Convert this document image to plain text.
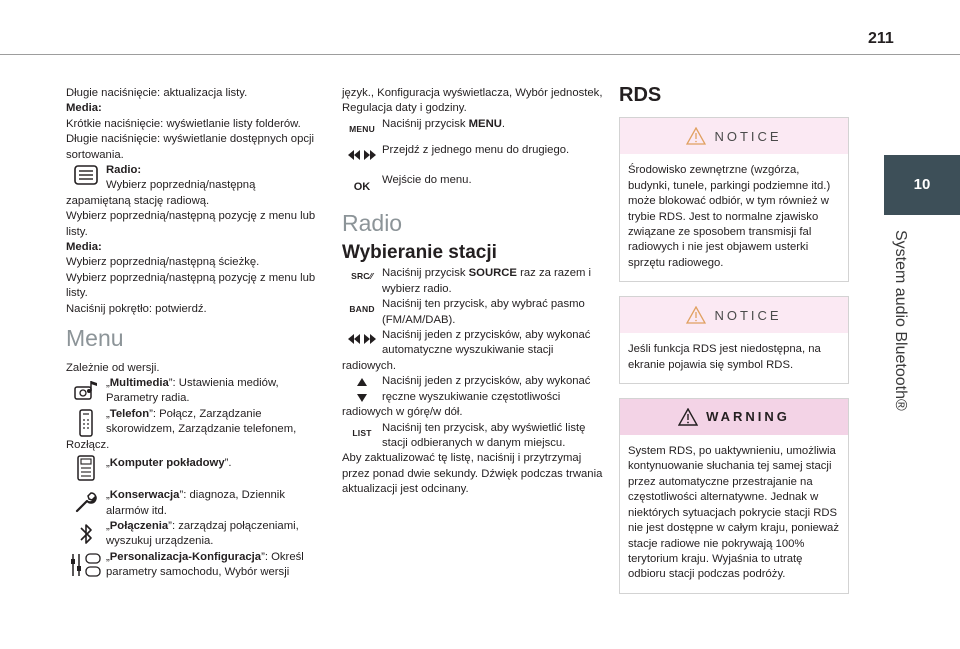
211
10
System audio Bluetooth®

Długie naciśnięcie: aktualizacja listy.

Media:

Krótkie naciśnięcie: wyświetlanie listy folderów.

Długie naciśnięcie: wyświetlanie dostępnych opcji sortowania.

Radio:

Wybierz poprzednią/następną

zapamiętaną stację radiową.

Wybierz poprzednią/następną pozycję z menu lub listy.

Media:

Wybierz poprzednią/następną ścieżkę.

Wybierz poprzednią/następną pozycję z menu lub listy.

Naciśnij pokrętło: potwierdź.

Menu

Zależnie od wersji.

„Multimedia”: Ustawienia mediów, Parametry radia.

„Telefon”: Połącz, Zarządzanie skorowidzem, Zarządzanie telefonem,

Rozłącz.

„Komputer pokładowy”.

„Konserwacja”: diagnoza, Dziennik alarmów itd.

„Połączenia”: zarządzaj połączeniami, wyszukuj urządzenia.

„Personalizacja-Konfiguracja”: Określ parametry samochodu, Wybór wersji

język., Konfiguracja wyświetlacza, Wybór jednostek, Regulacja daty i godziny.

MENU Naciśnij przycisk MENU.

Przejdź z jednego menu do drugiego.

OK

Wejście do menu.

Radio
Wybieranie stacji
SRC ⁄⁄ Naciśnij przycisk SOURCE raz za razem i wybierz radio.

BAND Naciśnij ten przycisk, aby wybrać pasmo (FM/AM/DAB).

Naciśnij jeden z przycisków, aby wykonać automatyczne wyszukiwanie stacji

radiowych.

Naciśnij jeden z przycisków, aby wykonać ręczne wyszukiwanie częstotliwości

radiowych w górę/w dół.

LIST Naciśnij ten przycisk, aby wyświetlić listę stacji odbieranych w danym miejscu.

Aby zaktualizować tę listę, naciśnij i przytrzymaj przez ponad dwie sekundy. Dźwięk podczas trwania aktualizacji jest odcinany.

RDS
NOTICE
Środowisko zewnętrzne (wzgórza, budynki, tunele, parkingi podziemne itd.) może blokować odbiór, w tym również w trybie RDS. Jest to normalne zjawisko związane ze sposobem transmisji fal radiowych i nie jest objawem usterki sprzętu radiowego.
NOTICE
Jeśli funkcja RDS jest niedostępna, na ekranie pojawia się symbol RDS.
WARNING
System RDS, po uaktywnieniu, umożliwia kontynuowanie słuchania tej samej stacji przez automatyczne przestrajanie na częstotliwości alternatywne. Jednak w niektórych sytuacjach pokrycie stacji RDS nie jest dostępne w całym kraju, ponieważ stacje radiowe nie pokrywają 100% terytorium kraju. Wyjaśnia to utratę odbioru stacji podczas podróży.
